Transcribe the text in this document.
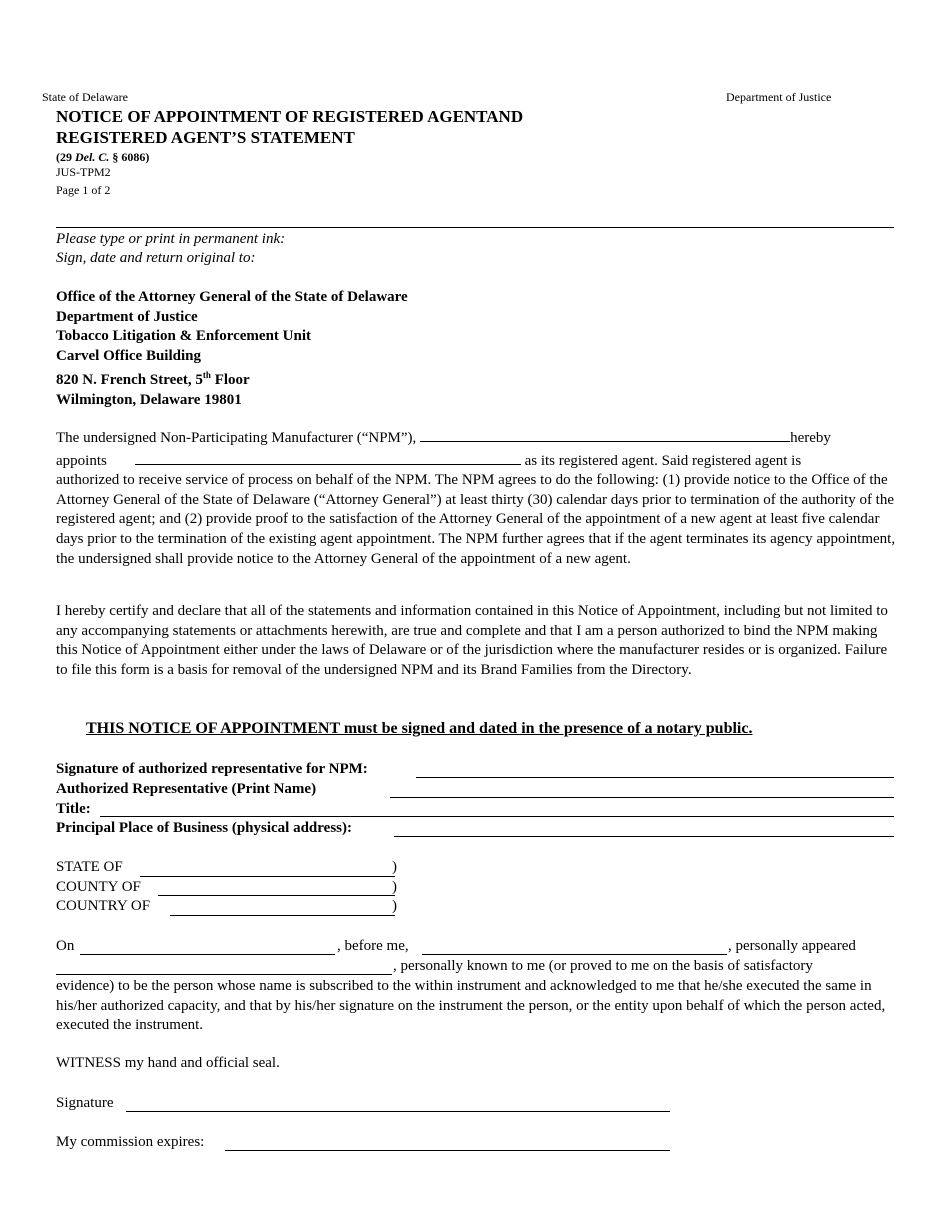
State of Delaware	Department of Justice
NOTICE OF APPOINTMENT OF REGISTERED AGENTAND
REGISTERED AGENT’S STATEMENT
(29 Del. C. § 6086)
JUS-TPM2
Page 1 of 2
Please type or print in permanent ink:
Sign, date and return original to:
Office of the Attorney General of the State of Delaware
Department of Justice
Tobacco Litigation & Enforcement Unit
Carvel Office Building
820 N. French Street, 5th Floor
Wilmington, Delaware 19801
The undersigned Non-Participating Manufacturer (“NPM”),	hereby
appoints	as its registered agent. Said registered agent is
authorized to receive service of process on behalf of the NPM. The NPM agrees to do the following: (1) provide notice to the Office of the Attorney General of the State of Delaware (“Attorney General”) at least thirty (30) calendar days prior to termination of the authority of the registered agent; and (2) provide proof to the satisfaction of the Attorney General of the appointment of a new agent at least five calendar days prior to the termination of the existing agent appointment. The NPM further agrees that if the agent terminates its agency appointment, the undersigned shall provide notice to the Attorney General of the appointment of a new agent.
I hereby certify and declare that all of the statements and information contained in this Notice of Appointment, including but not limited to any accompanying statements or attachments herewith, are true and complete and that I am a person authorized to bind the NPM making this Notice of Appointment either under the laws of Delaware or of the jurisdiction where the manufacturer resides or is organized. Failure to file this form is a basis for removal of the undersigned NPM and its Brand Families from the Directory.
THIS NOTICE OF APPOINTMENT must be signed and dated in the presence of a notary public.
Signature of authorized representative for NPM:
Authorized Representative (Print Name)
Title:
Principal Place of Business (physical address):
STATE OF	)
COUNTY OF	)
COUNTRY OF	)
On	, before me,	, personally appeared
, personally known to me (or proved to me on the basis of satisfactory
evidence) to be the person whose name is subscribed to the within instrument and acknowledged to me that he/she executed the same in his/her authorized capacity, and that by his/her signature on the instrument the person, or the entity upon behalf of which the person acted, executed the instrument.
WITNESS my hand and official seal.
Signature
My commission expires:
